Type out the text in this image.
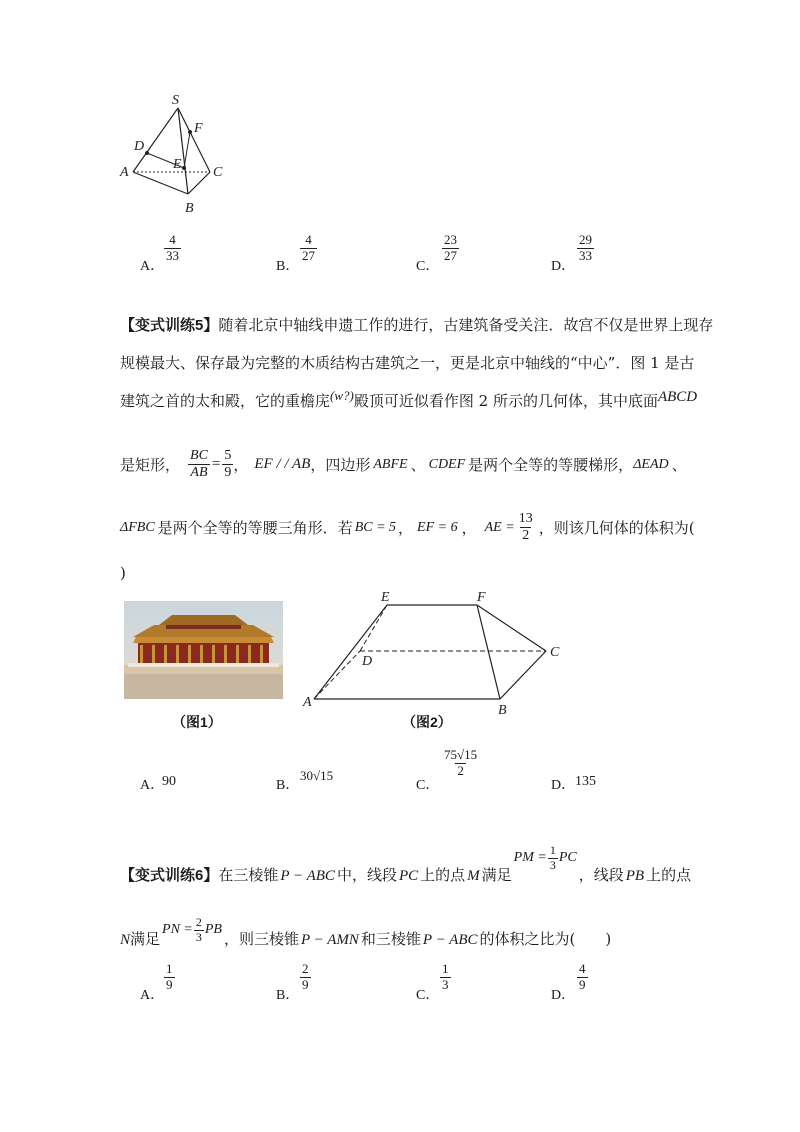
S
F
D
E
A	C
B
A．
$\frac{4}{33}$
B．
$\frac{4}{27}$
C．
$\frac{23}{27}$
D．
$\frac{29}{33}$
【变式训练5】随着北京中轴线申遗工作的进行，古建筑备受关注．故宫不仅是世界上现存
规模最大、保存最为完整的木质结构古建筑之一，更是北京中轴线的“中心”．图 1 是古
建筑之首的太和殿，它的重檐庑(w?)殿顶可近似看作图 2 所示的几何体，其中底面ABCD
是矩形， $\frac{BC}{AB} = \frac{5}{9}$ ， EF / / AB ，四边形 ABFE 、 CDEF 是两个全等的等腰梯形， ΔEAD 、
ΔFBC 是两个全等的等腰三角形．若 BC = 5 ， EF = 6 ， AE = $\frac{13}{2}$ ，则该几何体的体积为(
)
（图1）
E	F
D
C
A
B
（图2）
A．
90	B．
30√15
C．
$\frac{75√15}{2}$
D． 135
【变式训练6】 在三棱锥 P − ABC 中，线段 PC 上的点 M 满足
PM = $\frac{1}{3}$ PC
，线段 PB 上的点
N 满足 PN = $\frac{2}{3}$ PB ，则三棱锥 P − AMN 和三棱锥 P − ABC 的体积之比为(　　)
A．
$\frac{1}{9}$
B．
$\frac{2}{9}$
C．
$\frac{1}{3}$
D．
$\frac{4}{9}$
